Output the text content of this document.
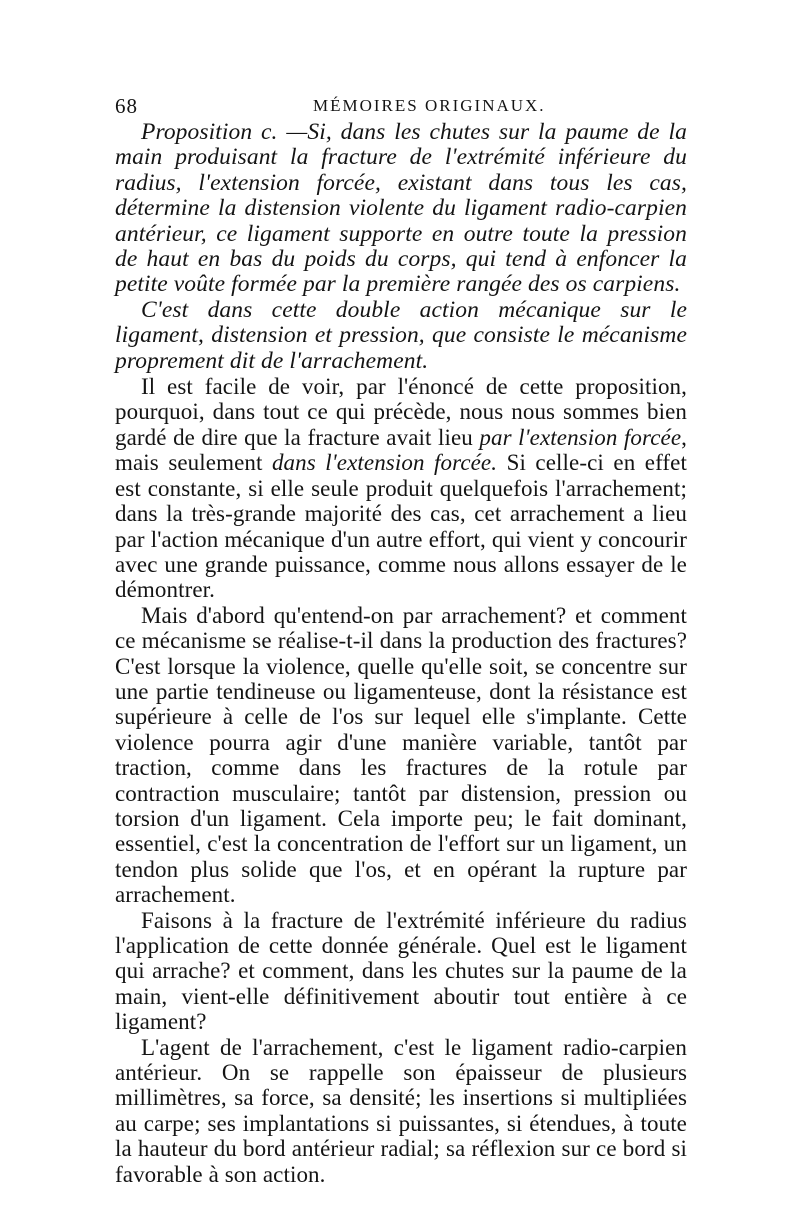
68	MÉMOIRES ORIGINAUX.

Proposition c. —Si, dans les chutes sur la paume de la main produisant la fracture de l'extrémité inférieure du radius, l'extension forcée, existant dans tous les cas, détermine la distension violente du ligament radio-carpien antérieur, ce ligament supporte en outre toute la pression de haut en bas du poids du corps, qui tend à enfoncer la petite voûte formée par la première rangée des os carpiens.

C'est dans cette double action mécanique sur le ligament, distension et pression, que consiste le mécanisme proprement dit de l'arrachement.

Il est facile de voir, par l'énoncé de cette proposition, pourquoi, dans tout ce qui précède, nous nous sommes bien gardé de dire que la fracture avait lieu par l'extension forcée, mais seulement dans l'extension forcée. Si celle-ci en effet est constante, si elle seule produit quelquefois l'arrachement; dans la très-grande majorité des cas, cet arrachement a lieu par l'action mécanique d'un autre effort, qui vient y concourir avec une grande puissance, comme nous allons essayer de le démontrer.

Mais d'abord qu'entend-on par arrachement? et comment ce mécanisme se réalise-t-il dans la production des fractures? C'est lorsque la violence, quelle qu'elle soit, se concentre sur une partie tendineuse ou ligamenteuse, dont la résistance est supérieure à celle de l'os sur lequel elle s'implante. Cette violence pourra agir d'une manière variable, tantôt par traction, comme dans les fractures de la rotule par contraction musculaire; tantôt par distension, pression ou torsion d'un ligament. Cela importe peu; le fait dominant, essentiel, c'est la concentration de l'effort sur un ligament, un tendon plus solide que l'os, et en opérant la rupture par arrachement.

Faisons à la fracture de l'extrémité inférieure du radius l'application de cette donnée générale. Quel est le ligament qui arrache? et comment, dans les chutes sur la paume de la main, vient-elle définitivement aboutir tout entière à ce ligament?

L'agent de l'arrachement, c'est le ligament radio-carpien antérieur. On se rappelle son épaisseur de plusieurs millimètres, sa force, sa densité; les insertions si multipliées au carpe; ses implantations si puissantes, si étendues, à toute la hauteur du bord antérieur radial; sa réflexion sur ce bord si favorable à son action.
